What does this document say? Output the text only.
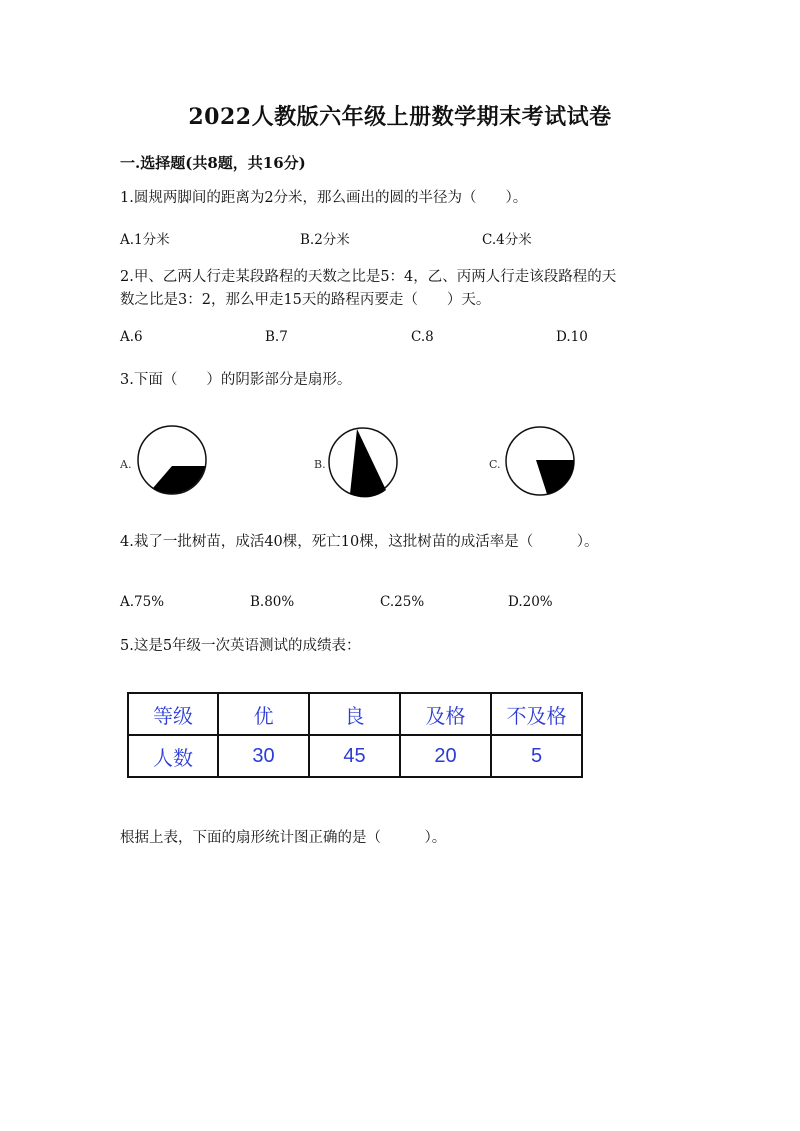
2022人教版六年级上册数学期末考试试卷
一.选择题(共8题，共16分)
1.圆规两脚间的距离为2分米，那么画出的圆的半径为（　　）。
A.1分米	B.2分米	C.4分米
2.甲、乙两人行走某段路程的天数之比是5：4，乙、丙两人行走该段路程的天
数之比是3：2，那么甲走15天的路程丙要走（　　）天。
A.6	B.7	C.8	D.10
3.下面（　　）的阴影部分是扇形。
A.	B.	C.
4.栽了一批树苗，成活40棵，死亡10棵，这批树苗的成活率是（　　　）。
A.75%	B.80%	C.25%	D.20%
5.这是5年级一次英语测试的成绩表：
等级	优	良	及格	不及格
人数	30	45	20	5
根据上表，下面的扇形统计图正确的是（　　　）。
